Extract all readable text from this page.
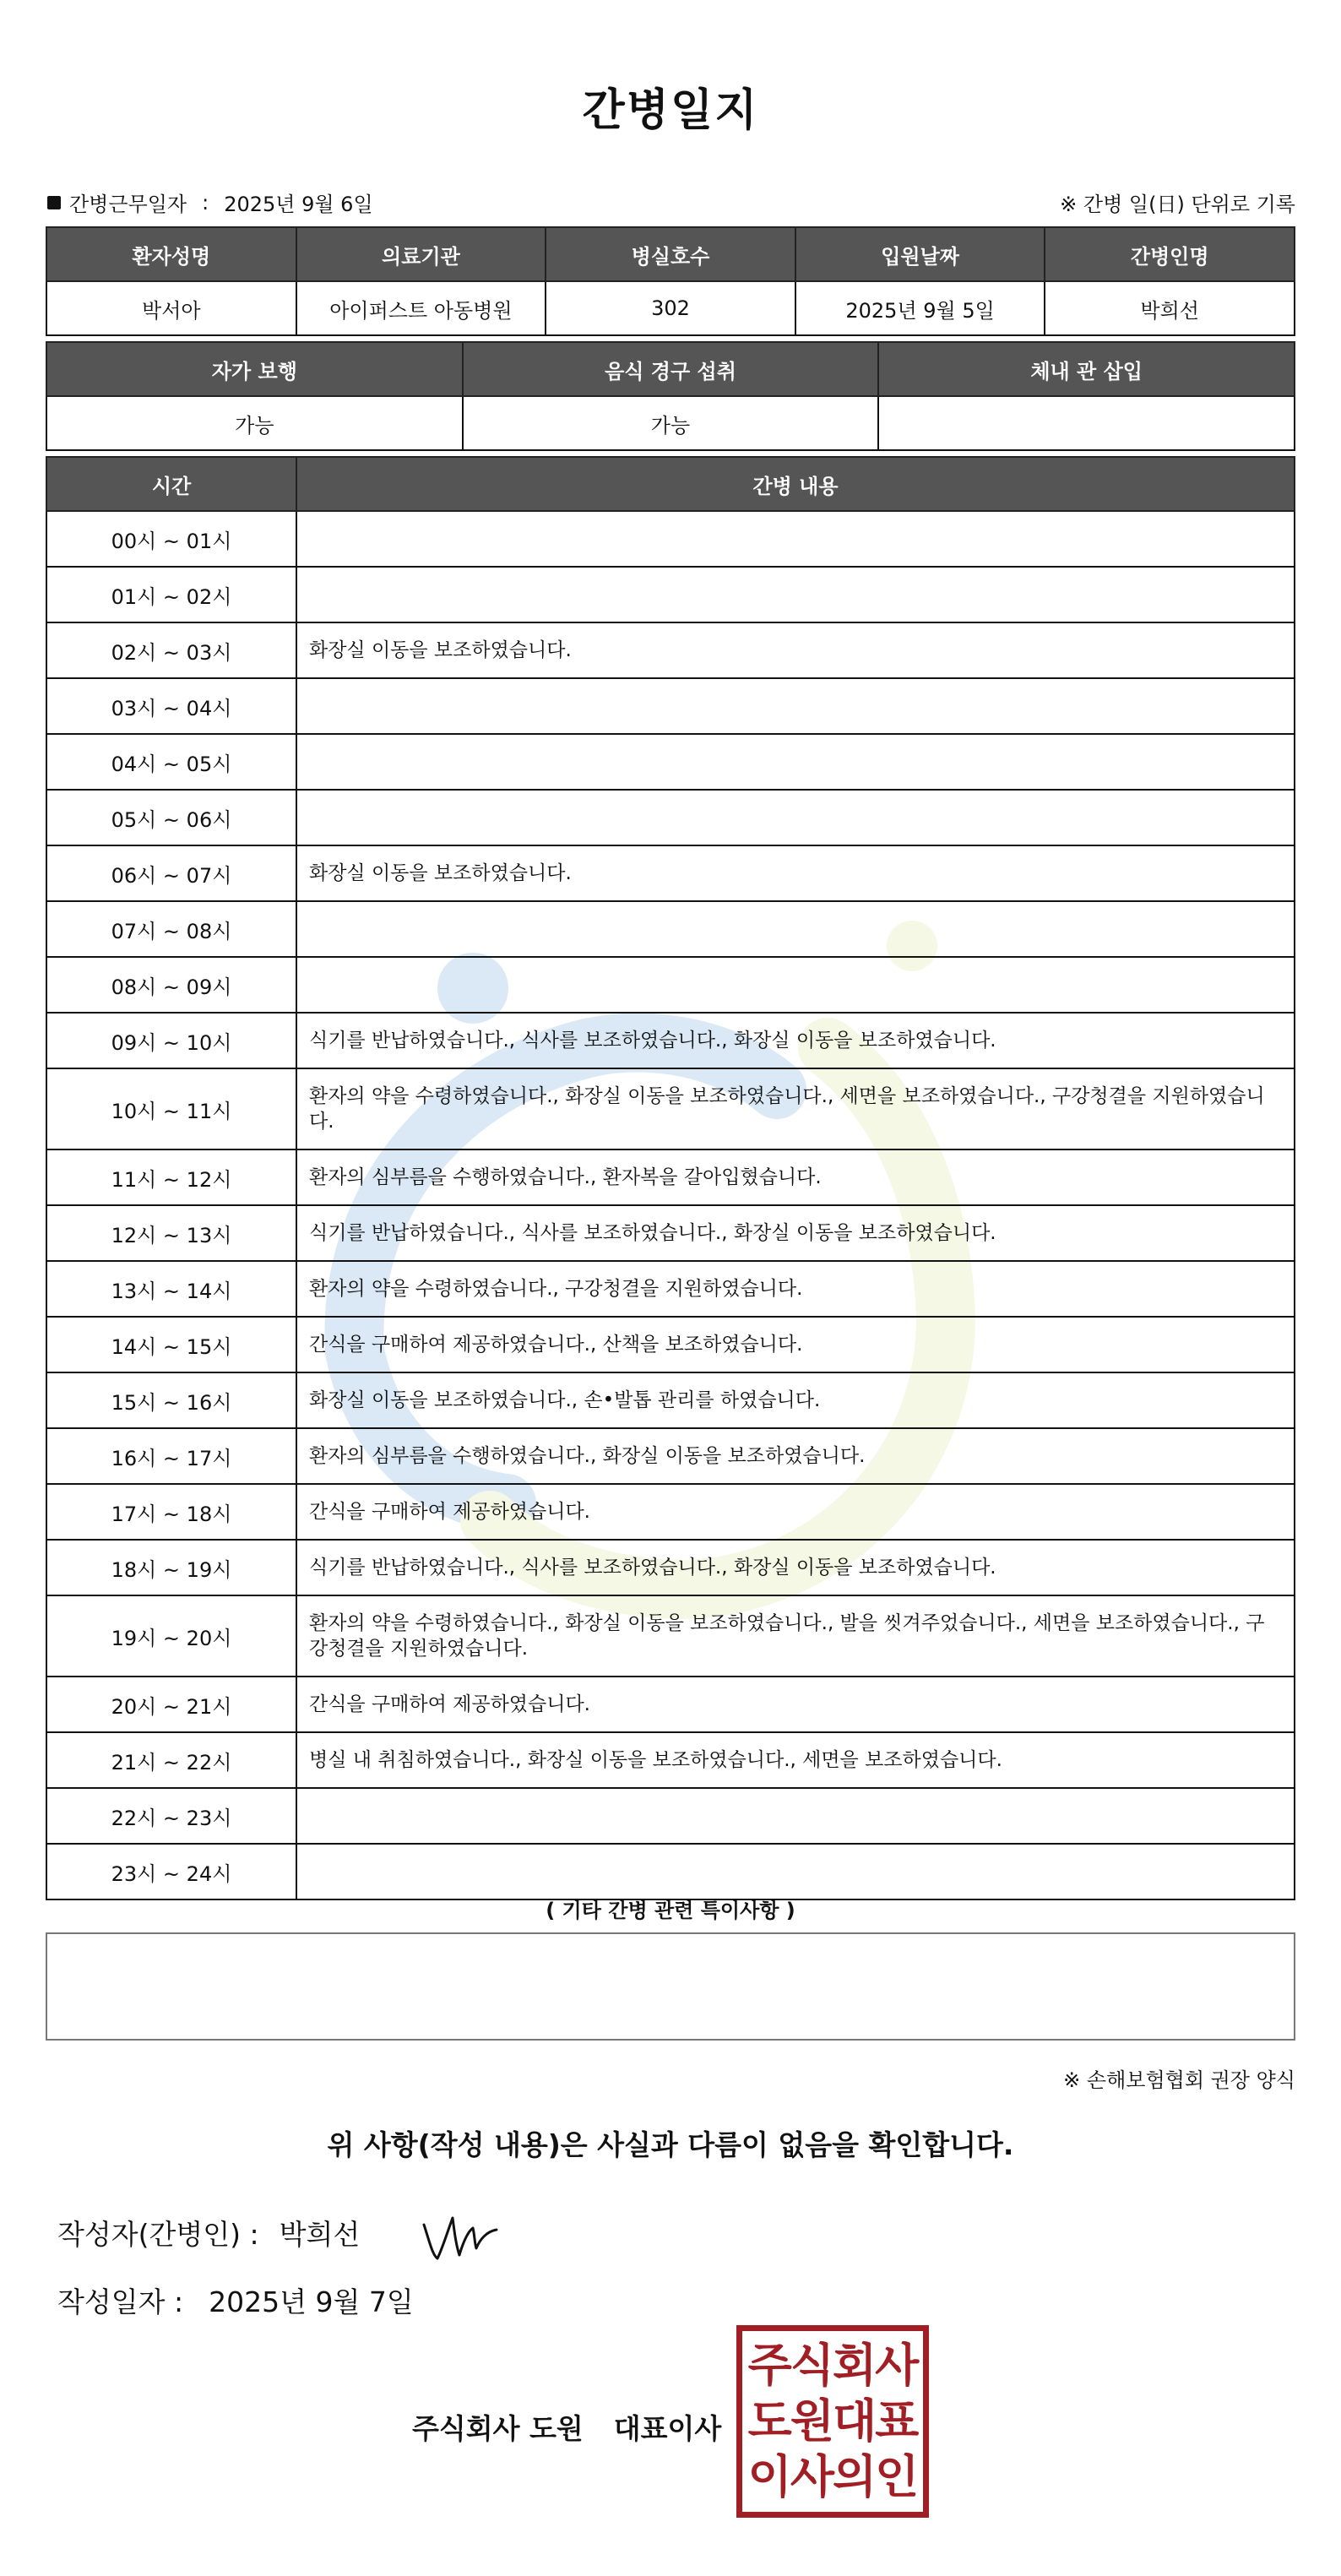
간병일지
간병근무일자 : 2025년 9월 6일	※ 간병 일(日) 단위로 기록
환자성명	의료기관	병실호수	입원날짜	간병인명
박서아	아이퍼스트 아동병원	302	2025년 9월 5일	박희선
자가 보행	음식 경구 섭취	체내 관 삽입
가능	가능	
시간	간병 내용
00시 ~ 01시	
01시 ~ 02시	
02시 ~ 03시	화장실 이동을 보조하였습니다.
03시 ~ 04시	
04시 ~ 05시	
05시 ~ 06시	
06시 ~ 07시	화장실 이동을 보조하였습니다.
07시 ~ 08시	
08시 ~ 09시	
09시 ~ 10시	식기를 반납하였습니다., 식사를 보조하였습니다., 화장실 이동을 보조하였습니다.
10시 ~ 11시	환자의 약을 수령하였습니다., 화장실 이동을 보조하였습니다., 세면을 보조하였습니다., 구강청결을 지원하였습니다.
11시 ~ 12시	환자의 심부름을 수행하였습니다., 환자복을 갈아입혔습니다.
12시 ~ 13시	식기를 반납하였습니다., 식사를 보조하였습니다., 화장실 이동을 보조하였습니다.
13시 ~ 14시	환자의 약을 수령하였습니다., 구강청결을 지원하였습니다.
14시 ~ 15시	간식을 구매하여 제공하였습니다., 산책을 보조하였습니다.
15시 ~ 16시	화장실 이동을 보조하였습니다., 손•발톱 관리를 하였습니다.
16시 ~ 17시	환자의 심부름을 수행하였습니다., 화장실 이동을 보조하였습니다.
17시 ~ 18시	간식을 구매하여 제공하였습니다.
18시 ~ 19시	식기를 반납하였습니다., 식사를 보조하였습니다., 화장실 이동을 보조하였습니다.
19시 ~ 20시	환자의 약을 수령하였습니다., 화장실 이동을 보조하였습니다., 발을 씻겨주었습니다., 세면을 보조하였습니다., 구강청결을 지원하였습니다.
20시 ~ 21시	간식을 구매하여 제공하였습니다.
21시 ~ 22시	병실 내 취침하였습니다., 화장실 이동을 보조하였습니다., 세면을 보조하였습니다.
22시 ~ 23시	
23시 ~ 24시	
( 기타 간병 관련 특이사항 )
※ 손해보험협회 권장 양식
위 사항(작성 내용)은 사실과 다름이 없음을 확인합니다.
작성자(간병인) : 박희선
작성일자 : 2025년 9월 7일
주식회사 도원 대표이사
주식회사
도원대표
이사의인
